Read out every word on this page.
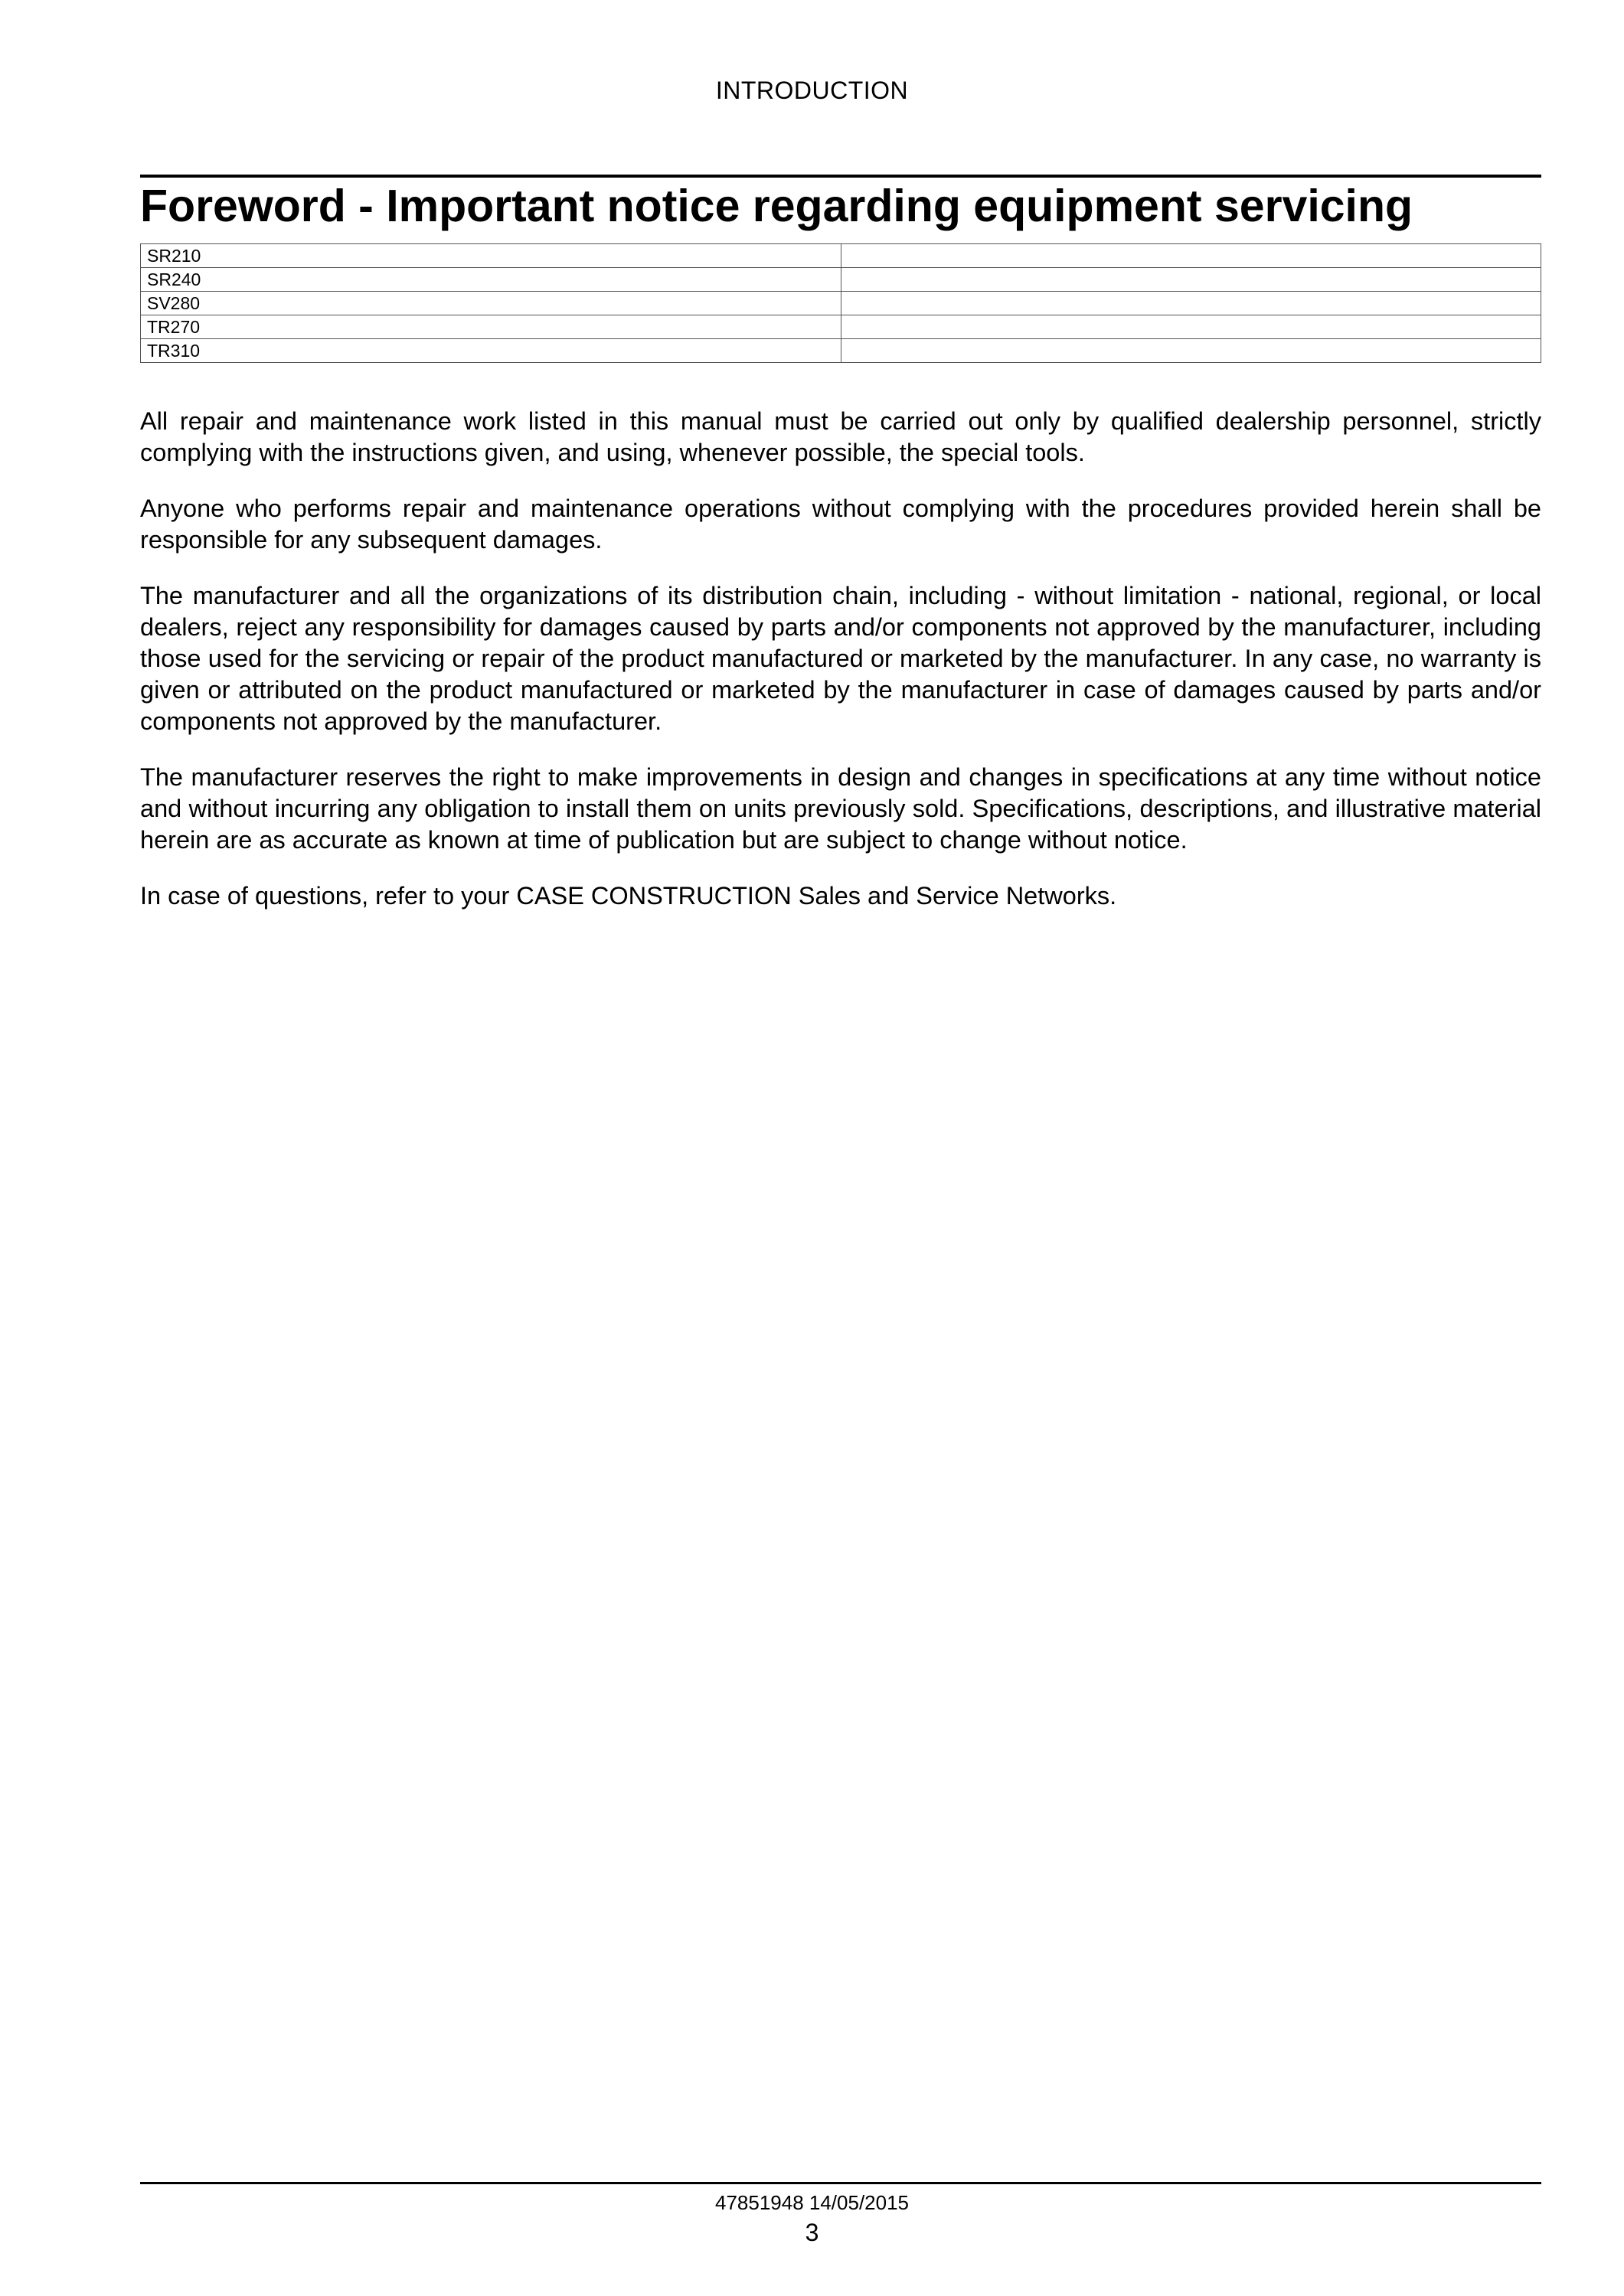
INTRODUCTION
Foreword - Important notice regarding equipment servicing
SR210	
SR240	
SV280	
TR270	
TR310	

All repair and maintenance work listed in this manual must be carried out only by qualified dealership personnel, strictly complying with the instructions given, and using, whenever possible, the special tools.

Anyone who performs repair and maintenance operations without complying with the procedures provided herein shall be responsible for any subsequent damages.

The manufacturer and all the organizations of its distribution chain, including - without limitation - national, regional, or local dealers, reject any responsibility for damages caused by parts and/or components not approved by the manufacturer, including those used for the servicing or repair of the product manufactured or marketed by the manufacturer. In any case, no warranty is given or attributed on the product manufactured or marketed by the manufacturer in case of damages caused by parts and/or components not approved by the manufacturer.

The manufacturer reserves the right to make improvements in design and changes in specifications at any time without notice and without incurring any obligation to install them on units previously sold. Specifications, descriptions, and illustrative material herein are as accurate as known at time of publication but are subject to change without notice.

In case of questions, refer to your CASE CONSTRUCTION Sales and Service Networks.

47851948 14/05/2015
3
